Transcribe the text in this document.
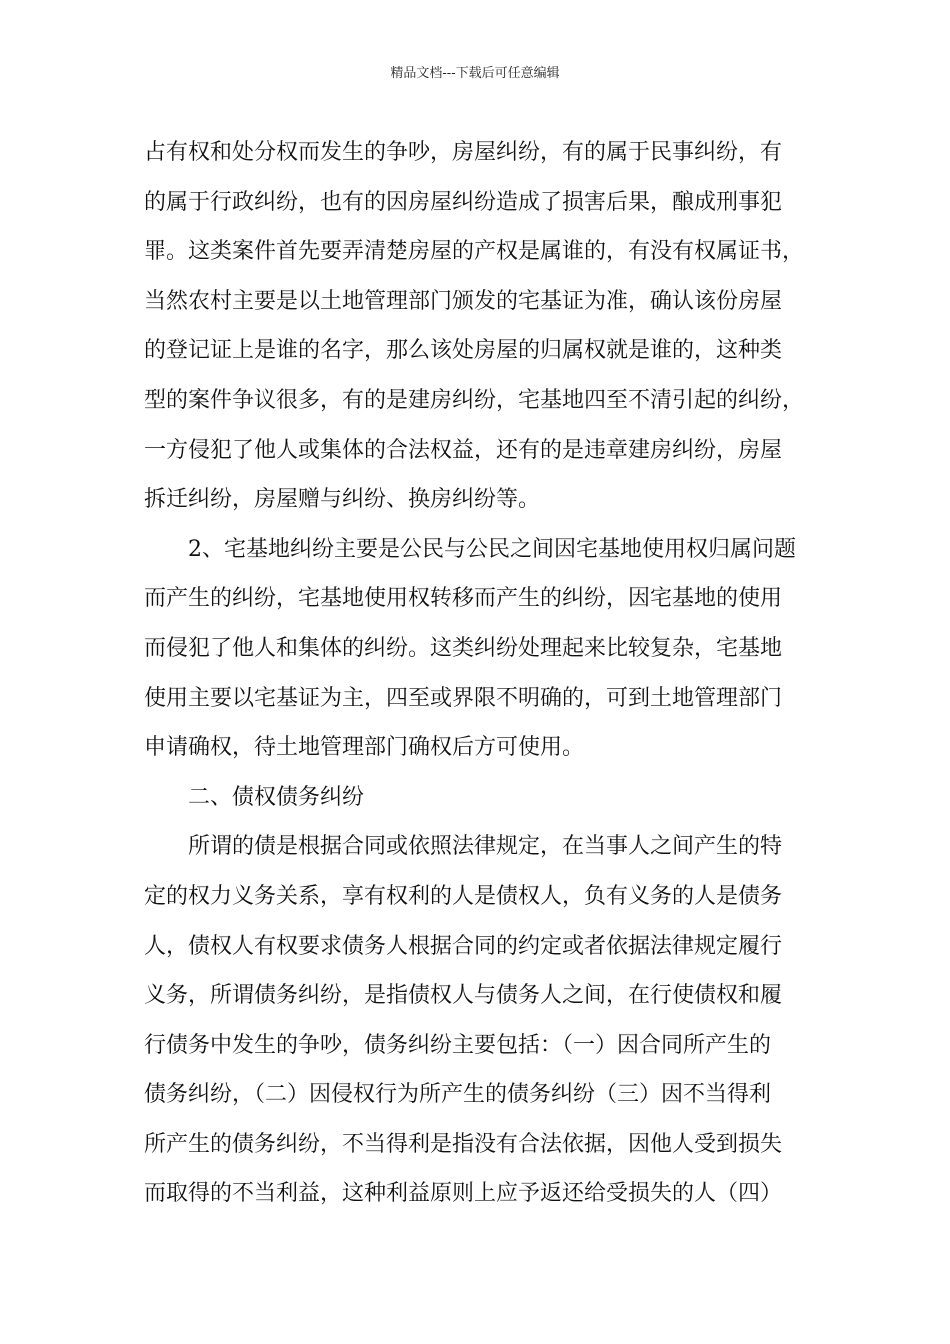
精品文档---下载后可任意编辑
占有权和处分权而发生的争吵，房屋纠纷，有的属于民事纠纷，有
的属于行政纠纷，也有的因房屋纠纷造成了损害后果，酿成刑事犯
罪。这类案件首先要弄清楚房屋的产权是属谁的，有没有权属证书，
当然农村主要是以土地管理部门颁发的宅基证为准，确认该份房屋
的登记证上是谁的名字，那么该处房屋的归属权就是谁的，这种类
型的案件争议很多，有的是建房纠纷，宅基地四至不清引起的纠纷，
一方侵犯了他人或集体的合法权益，还有的是违章建房纠纷，房屋
拆迁纠纷，房屋赠与纠纷、换房纠纷等。
2、宅基地纠纷主要是公民与公民之间因宅基地使用权归属问题
而产生的纠纷，宅基地使用权转移而产生的纠纷，因宅基地的使用
而侵犯了他人和集体的纠纷。这类纠纷处理起来比较复杂，宅基地
使用主要以宅基证为主，四至或界限不明确的，可到土地管理部门
申请确权，待土地管理部门确权后方可使用。
二、债权债务纠纷
所谓的债是根据合同或依照法律规定，在当事人之间产生的特
定的权力义务关系，享有权利的人是债权人，负有义务的人是债务
人，债权人有权要求债务人根据合同的约定或者依据法律规定履行
义务，所谓债务纠纷，是指债权人与债务人之间，在行使债权和履
行债务中发生的争吵，债务纠纷主要包括：（一）因合同所产生的
债务纠纷，（二）因侵权行为所产生的债务纠纷（三）因不当得利
所产生的债务纠纷，不当得利是指没有合法依据，因他人受到损失
而取得的不当利益，这种利益原则上应予返还给受损失的人（四）
